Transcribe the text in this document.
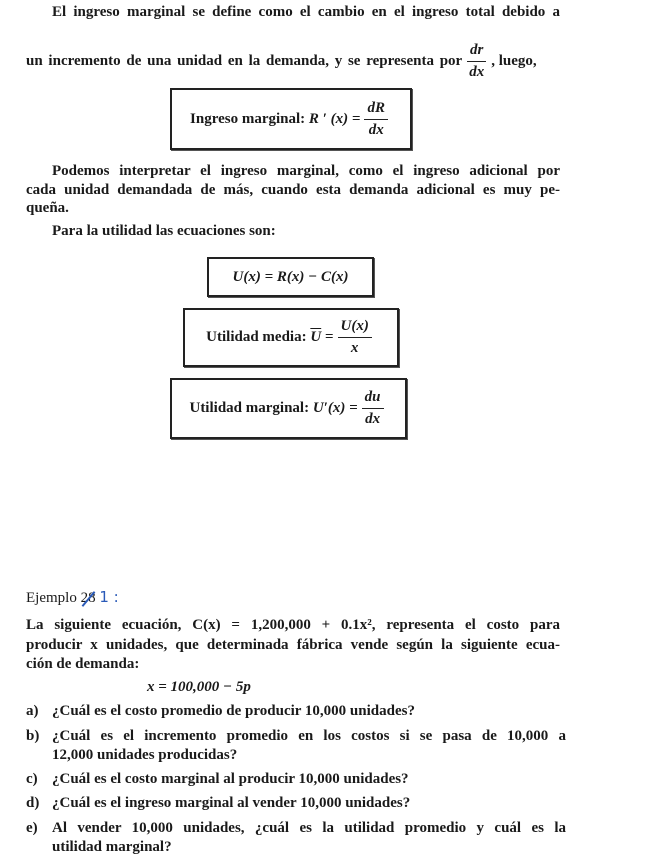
El ingreso marginal se define como el cambio en el ingreso total debido a
un incremento de una unidad en la demanda, y se representa por $\frac{dr}{dx}$ , luego,
Ingreso marginal:
R ′ $(x) = \frac{dR}{dx}$
Podemos interpretar el ingreso marginal, como el ingreso adicional por
cada unidad demandada de más, cuando esta demanda adicional es muy pe-
queña.
Para la utilidad las ecuaciones son:
U(x) = R(x) − C(x)
Utilidad media:
$\overline{U}$
= $\frac{U(x)}{x}$
Utilidad marginal:
$U'(x) = \frac{du}{dx}$
Ejemplo 28 1 :
La siguiente ecuación, C(x) = 1,200,000 + 0.1x², representa el costo para
producir x unidades, que determinada fábrica vende según la siguiente ecua-
ción de demanda:
x = 100,000 − 5p
a) ¿Cuál es el costo promedio de producir 10,000 unidades?
b) ¿Cuál es el incremento promedio en los costos si se pasa de 10,000 a
12,000 unidades producidas?
c) ¿Cuál es el costo marginal al producir 10,000 unidades?
d) ¿Cuál es el ingreso marginal al vender 10,000 unidades?
e) Al vender 10,000 unidades, ¿cuál es la utilidad promedio y cuál es la
utilidad marginal?
